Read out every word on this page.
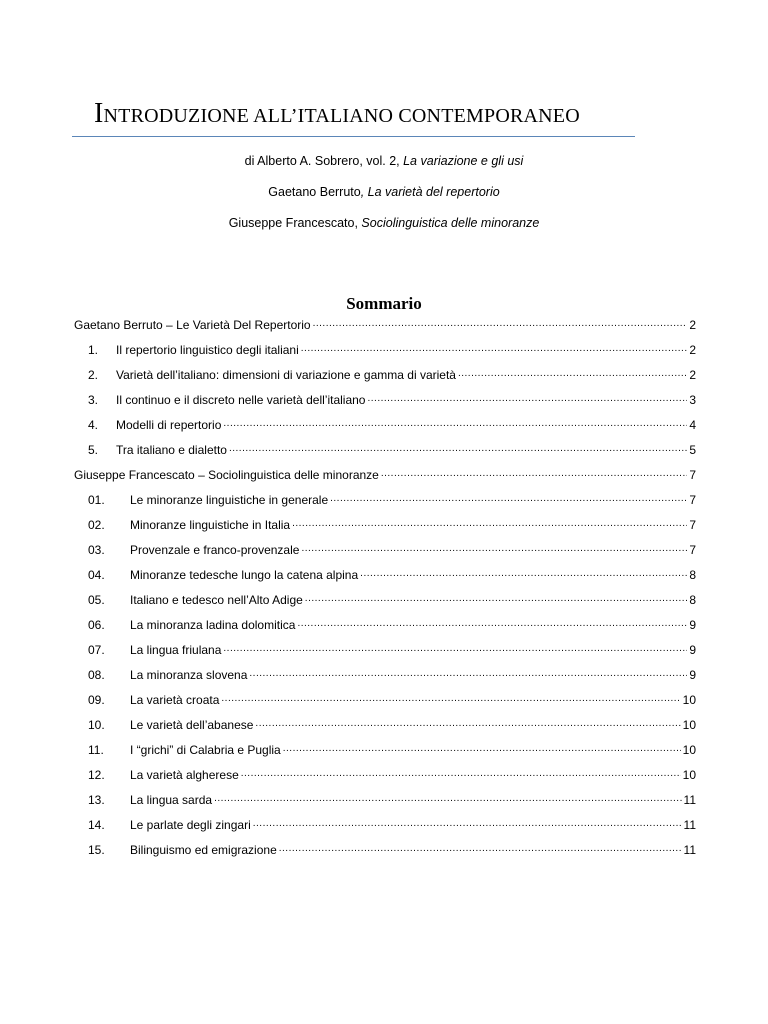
INTRODUZIONE ALL’ITALIANO CONTEMPORANEO
di Alberto A. Sobrero, vol. 2, La variazione e gli usi
Gaetano Berruto, La varietà del repertorio
Giuseppe Francescato, Sociolinguistica delle minoranze
Sommario
Gaetano Berruto – Le Varietà Del Repertorio .....	2
1.	Il repertorio linguistico degli italiani .....	2
2.	Varietà dell’italiano: dimensioni di variazione e gamma di varietà .....	2
3.	Il continuo e il discreto nelle varietà dell’italiano .....	3
4.	Modelli di repertorio .....	4
5.	Tra italiano e dialetto .....	5
Giuseppe Francescato – Sociolinguistica delle minoranze .....	7
01.	Le minoranze linguistiche in generale .....	7
02.	Minoranze linguistiche in Italia .....	7
03.	Provenzale e franco-provenzale .....	7
04.	Minoranze tedesche lungo la catena alpina .....	8
05.	Italiano e tedesco nell’Alto Adige .....	8
06.	La minoranza ladina dolomitica .....	9
07.	La lingua friulana .....	9
08.	La minoranza slovena .....	9
09.	La varietà croata .....	10
10.	Le varietà dell’abanese .....	10
11.	I “grichi” di Calabria e Puglia .....	10
12.	La varietà algherese .....	10
13.	La lingua sarda .....	11
14.	Le parlate degli zingari .....	11
15.	Bilinguismo ed emigrazione .....	11
